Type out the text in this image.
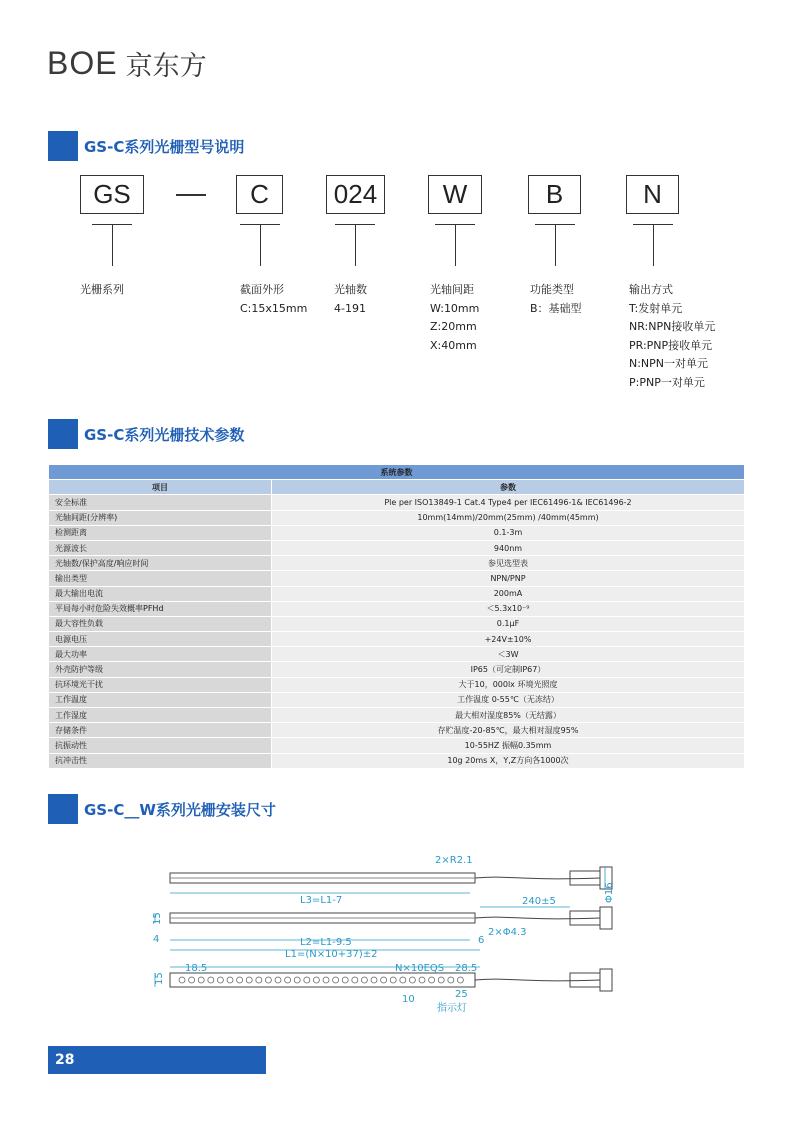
BOE 京东方
GS-C系列光栅型号说明
GS	C	024	W	B	N
光栅系列	截面外形
C:15x15mm
光轴数
4-191
光轴间距
W:10mm
Z:20mm
X:40mm
功能类型
B：基础型
输出方式
T:发射单元
NR:NPN接收单元
PR:PNP接收单元
N:NPN一对单元
P:PNP一对单元
GS-C系列光栅技术参数
系统参数	
项目	参数
安全标准	Ple per ISO13849-1 Cat.4 Type4 per IEC61496-1& IEC61496-2
光轴间距(分辨率)	10mm(14mm)/20mm(25mm) /40mm(45mm)
检测距离	0.1-3m
光源波长	940nm
光轴数/保护高度/响应时间	参见选型表
输出类型	NPN/PNP
最大输出电流	200mA
平局每小时危险失效概率PFHd	＜5.3x10⁻⁹
最大容性负载	0.1μF
电源电压	+24V±10%
最大功率	＜3W
外壳防护等级	IP65（可定制IP67）
抗环境光干扰	大于10，000lx 环境光照度
工作温度	工作温度 0-55℃（无冻结）
工作湿度	最大相对湿度85%（无结露）
存储条件	存贮温度-20-85℃，最大相对湿度95%
抗振动性	10-55HZ 振幅0.35mm
抗冲击性	10g 20ms X，Y,Z方向各1000次
GS-C__W系列光栅安装尺寸
2×R2.1
L3=L1-7	Φ16
240±5
15
4
2×Φ4.3
6
L2=L1-9.5
L1=(N×10+37)±2
18.5	N×10EQS 28.5
15
10	25
指示灯
28
